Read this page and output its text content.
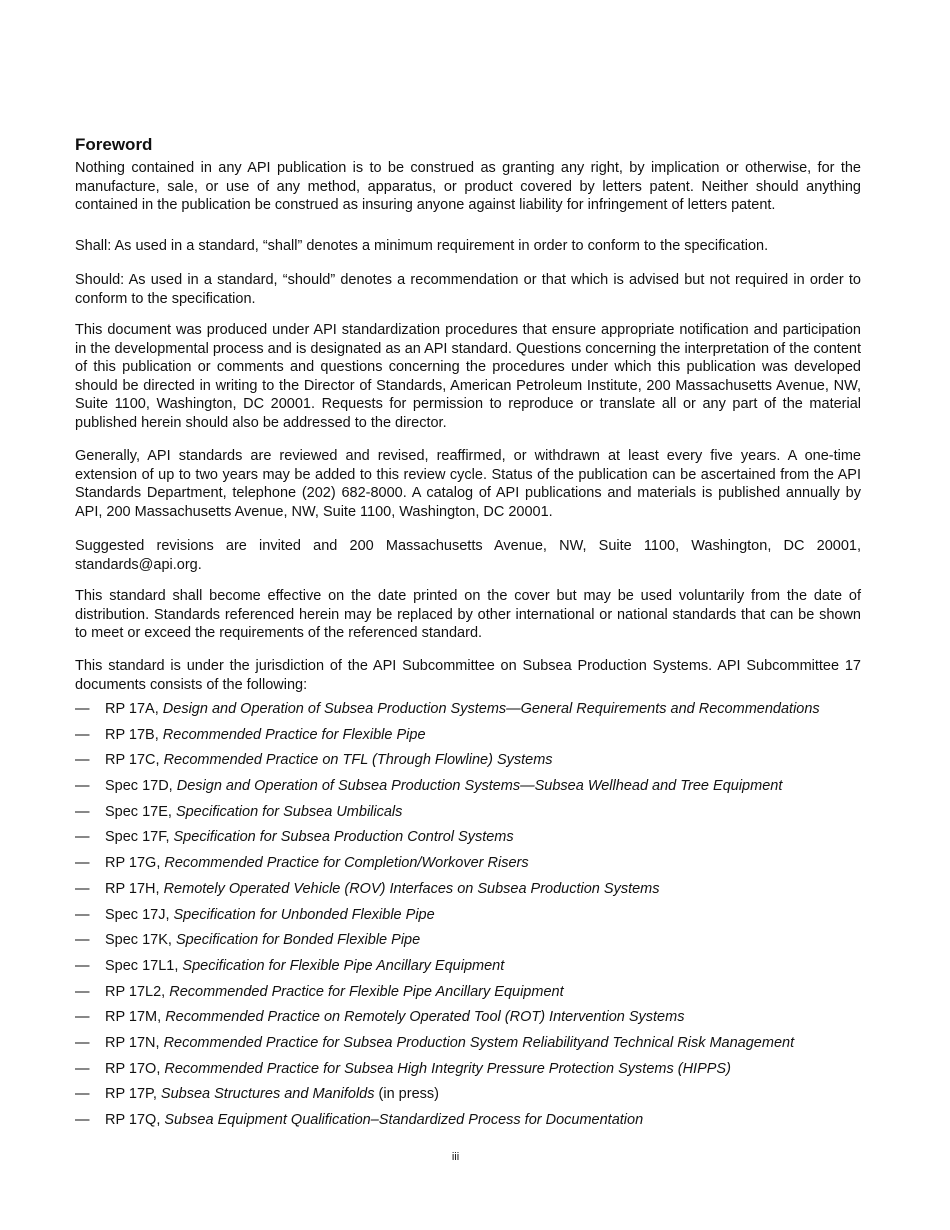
Foreword

Nothing contained in any API publication is to be construed as granting any right, by implication or otherwise, for the manufacture, sale, or use of any method, apparatus, or product covered by letters patent. Neither should anything contained in the publication be construed as insuring anyone against liability for infringement of letters patent.

Shall: As used in a standard, “shall” denotes a minimum requirement in order to conform to the specification.

Should: As used in a standard, “should” denotes a recommendation or that which is advised but not required in order to conform to the specification.

This document was produced under API standardization procedures that ensure appropriate notification and participation in the developmental process and is designated as an API standard. Questions concerning the interpretation of the content of this publication or comments and questions concerning the procedures under which this publication was developed should be directed in writing to the Director of Standards, American Petroleum Institute, 200 Massachusetts Avenue, NW, Suite 1100, Washington, DC 20001. Requests for permission to reproduce or translate all or any part of the material published herein should also be addressed to the director.

Generally, API standards are reviewed and revised, reaffirmed, or withdrawn at least every five years. A one-time extension of up to two years may be added to this review cycle. Status of the publication can be ascertained from the API Standards Department, telephone (202) 682-8000. A catalog of API publications and materials is published annually by API, 200 Massachusetts Avenue, NW, Suite 1100, Washington, DC 20001.

Suggested revisions are invited and 200 Massachusetts Avenue, NW, Suite 1100, Washington, DC 20001, standards@api.org.

This standard shall become effective on the date printed on the cover but may be used voluntarily from the date of distribution. Standards referenced herein may be replaced by other international or national standards that can be shown to meet or exceed the requirements of the referenced standard.

This standard is under the jurisdiction of the API Subcommittee on Subsea Production Systems. API Subcommittee 17 documents consists of the following:

— RP 17A, Design and Operation of Subsea Production Systems—General Requirements and Recommendations
— RP 17B, Recommended Practice for Flexible Pipe
— RP 17C, Recommended Practice on TFL (Through Flowline) Systems
— Spec 17D, Design and Operation of Subsea Production Systems—Subsea Wellhead and Tree Equipment
— Spec 17E, Specification for Subsea Umbilicals
— Spec 17F, Specification for Subsea Production Control Systems
— RP 17G, Recommended Practice for Completion/Workover Risers
— RP 17H, Remotely Operated Vehicle (ROV) Interfaces on Subsea Production Systems
— Spec 17J, Specification for Unbonded Flexible Pipe
— Spec 17K, Specification for Bonded Flexible Pipe
— Spec 17L1, Specification for Flexible Pipe Ancillary Equipment
— RP 17L2, Recommended Practice for Flexible Pipe Ancillary Equipment
— RP 17M, Recommended Practice on Remotely Operated Tool (ROT) Intervention Systems
— RP 17N, Recommended Practice for Subsea Production System Reliabilityand Technical Risk Management
— RP 17O, Recommended Practice for Subsea High Integrity Pressure Protection Systems (HIPPS)
— RP 17P, Subsea Structures and Manifolds (in press)
— RP 17Q, Subsea Equipment Qualification–Standardized Process for Documentation
iii
